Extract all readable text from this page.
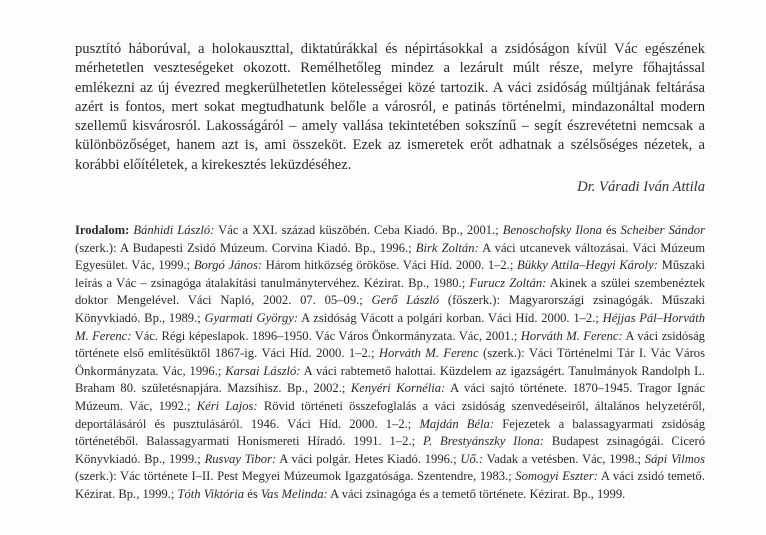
pusztító háborúval, a holokauszttal, diktatúrákkal és népirtásokkal a zsidóságon kívül Vác egészének mérhetetlen veszteségeket okozott. Remélhetőleg mindez a lezárult múlt része, melyre főhajtással emlékezni az új évezred megkerülhetetlen kötelességei közé tartozik. A váci zsidóság múltjának feltárása azért is fontos, mert sokat megtudhatunk belőle a városról, e patinás történelmi, mindazonáltal modern szellemű kisvárosról. Lakosságáról – amely vallása tekintetében sokszínű – segít észrevétetni nemcsak a különbözőséget, hanem azt is, ami összeköt. Ezek az ismeretek erőt adhatnak a szélsőséges nézetek, a korábbi előítéletek, a kirekesztés leküzdéséhez.

Dr. Váradi Iván Attila

Irodalom: Bánhidi László: Vác a XXI. század küszöbén. Ceba Kiadó. Bp., 2001.; Benoschofsky Ilona és Scheiber Sándor (szerk.): A Budapesti Zsidó Múzeum. Corvina Kiadó. Bp., 1996.; Birk Zoltán: A váci utcanevek változásai. Váci Múzeum Egyesület. Vác, 1999.; Borgó János: Három hitközség örököse. Váci Híd. 2000. 1–2.; Bükky Attila–Hegyi Károly: Műszaki leírás a Vác – zsinagóga átalakítási tanulmánytervéhez. Kézirat. Bp., 1980.; Furucz Zoltán: Akinek a szülei szembenéztek doktor Mengelével. Váci Napló, 2002. 07. 05–09.; Gerő László (főszerk.): Magyarországi zsinagógák. Műszaki Könyvkiadó. Bp., 1989.; Gyarmati György: A zsidóság Vácott a polgári korban. Váci Híd. 2000. 1–2.; Héjjas Pál–Horváth M. Ferenc: Vác. Régi képeslapok. 1896–1950. Vác Város Önkormányzata. Vác, 2001.; Horváth M. Ferenc: A váci zsidóság története első említésüktől 1867-ig. Váci Híd. 2000. 1–2.; Horváth M. Ferenc (szerk.): Váci Történelmi Tár I. Vác Város Önkormányzata. Vác, 1996.; Karsai László: A váci rabtemető halottai. Küzdelem az igazságért. Tanulmányok Randolph L. Braham 80. születésnapjára. Mazsihisz. Bp., 2002.; Kenyéri Kornélia: A váci sajtó története. 1870–1945. Tragor Ignác Múzeum. Vác, 1992.; Kéri Lajos: Rövid történeti összefoglalás a váci zsidóság szenvedéseiről, általános helyzetéről, deportálásáról és pusztulásáról. 1946. Váci Híd. 2000. 1–2.; Majdán Béla: Fejezetek a balassagyarmati zsidóság történetéből. Balassagyarmati Honismereti Híradó. 1991. 1–2.; P. Brestyánszky Ilona: Budapest zsinagógái. Ciceró Könyvkiadó. Bp., 1999.; Rusvay Tibor: A váci polgár. Hetes Kiadó. 1996.; Uő.: Vadak a vetésben. Vác, 1998.; Sápi Vilmos (szerk.): Vác története I–II. Pest Megyei Múzeumok Igazgatósága. Szentendre, 1983.; Somogyi Eszter: A váci zsidó temető. Kézirat. Bp., 1999.; Tóth Viktória és Vas Melinda: A váci zsinagóga és a temető története. Kézirat. Bp., 1999.
